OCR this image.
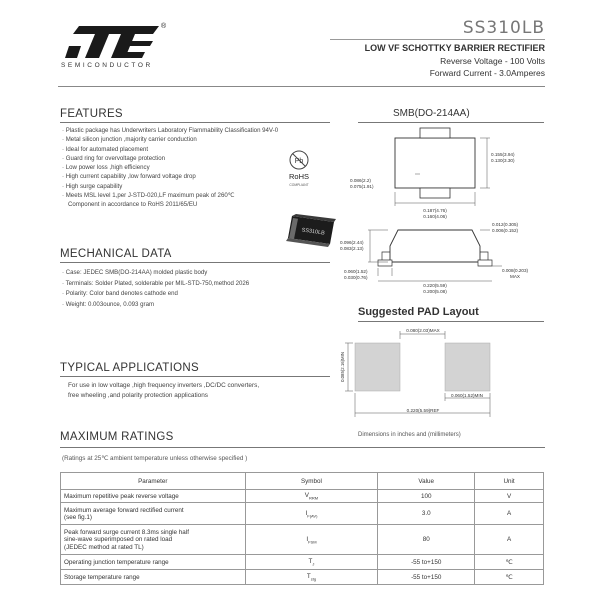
®
SEMICONDUCTOR
SS310LB
LOW VF SCHOTTKY BARRIER RECTIFIER
Reverse Voltage - 100 Volts
Forward Current - 3.0Amperes
FEATURES
· Plastic package has Underwriters Laboratory Flammability Classification 94V-0
· Metal silicon junction ,majority carrier conduction
· Ideal for automated placement
· Guard ring for overvoltage protection
· Low power loss ,high efficiency
· High current capability ,low forward voltage drop
· High surge capability
· Meets MSL level 1,per J-STD-020,LF maximum peak of 260℃
Component in accordance to RoHS 2011/65/EU
Pb
RoHS
COMPLIANT
SS310LB
MECHANICAL DATA
· Case: JEDEC SMB(DO-214AA) molded plastic body
· Terminals: Solder Plated, solderable per MIL-STD-750,method 2026
· Polarity: Color band denotes cathode end
· Weight: 0.003ounce, 0.093 gram
TYPICAL APPLICATIONS
For use in low voltage ,high frequency inverters ,DC/DC converters,
free wheeling ,and polarity protection applications
SMB(DO-214AA)
0.155(3.94)
0.130(3.30)
0.086(2.2)
0.075(1.91)
0.187(4.76)
0.160(4.06)
0.012(0.305)
0.006(0.152)
0.096(2.44)
0.083(2.13)
0.060(1.52)
0.030(0.76)
0.008(0.203)
MAX
0.220(5.59)
0.200(5.08)
Suggested PAD Layout
0.080(2.03)MAX
0.085(2.16)MIN
0.060(1.52)MIN
0.220(5.59)REF
Dimensions in inches and (millimeters)
MAXIMUM RATINGS
(Ratings at 25℃ ambient temperature unless otherwise specified )
Parameter	Symbol	Value	Unit
Maximum repetitive peak reverse voltage	$V_{RRM}$	100	V
Maximum average forward rectified current
(see fig.1)	$I_{F(AV)}$	3.0	A
Peak forward surge current 8.3ms single half
sine-wave superimposed on rated load
(JEDEC method at rated TL)	$I_{FSM}$	80	A
Operating junction temperature range	$T_J$	-55 to+150	℃
Storage temperature range	$T_{stg}$	-55 to+150	℃
